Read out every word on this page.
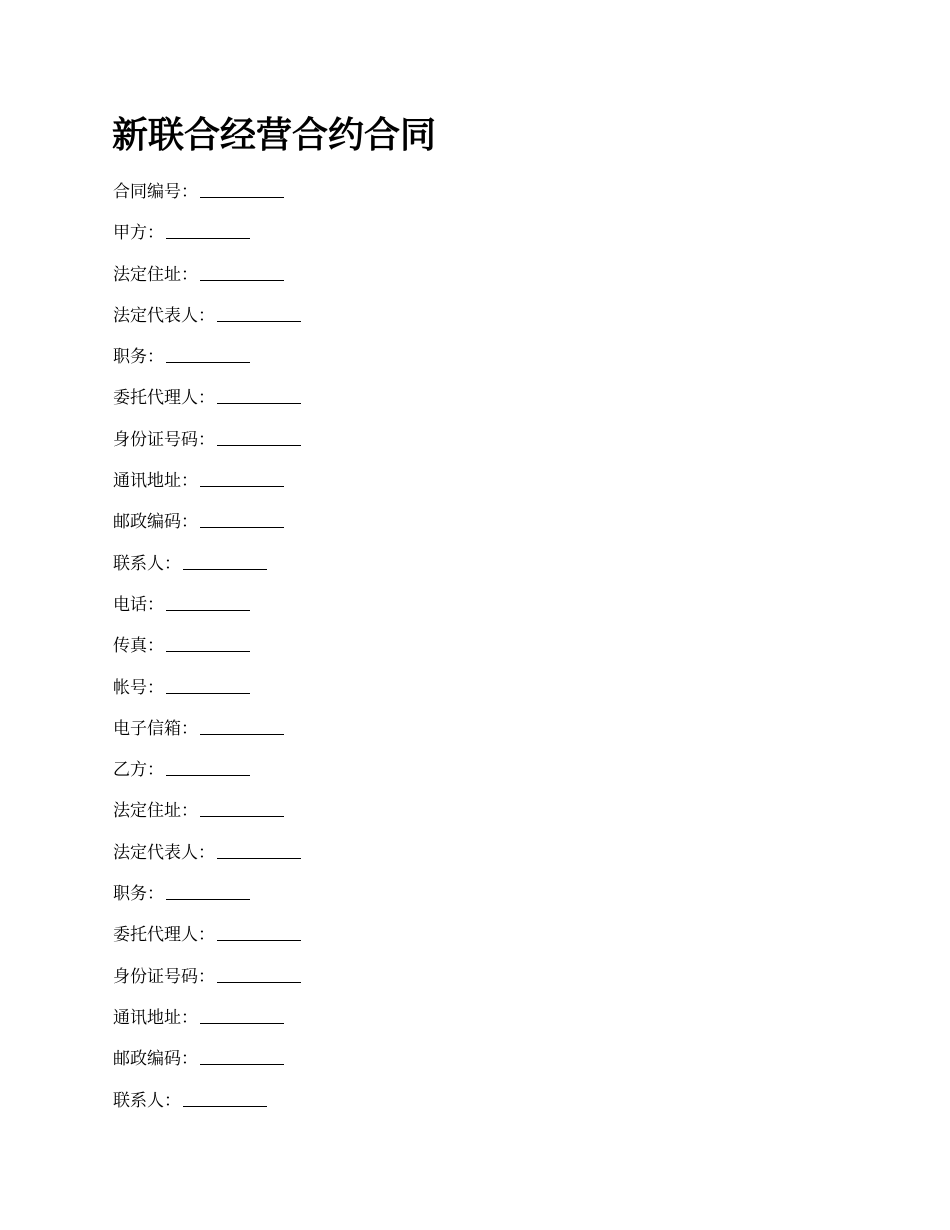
新联合经营合约合同
合同编号：
甲方：
法定住址：
法定代表人：
职务：
委托代理人：
身份证号码：
通讯地址：
邮政编码：
联系人：
电话：
传真：
帐号：
电子信箱：
乙方：
法定住址：
法定代表人：
职务：
委托代理人：
身份证号码：
通讯地址：
邮政编码：
联系人：
